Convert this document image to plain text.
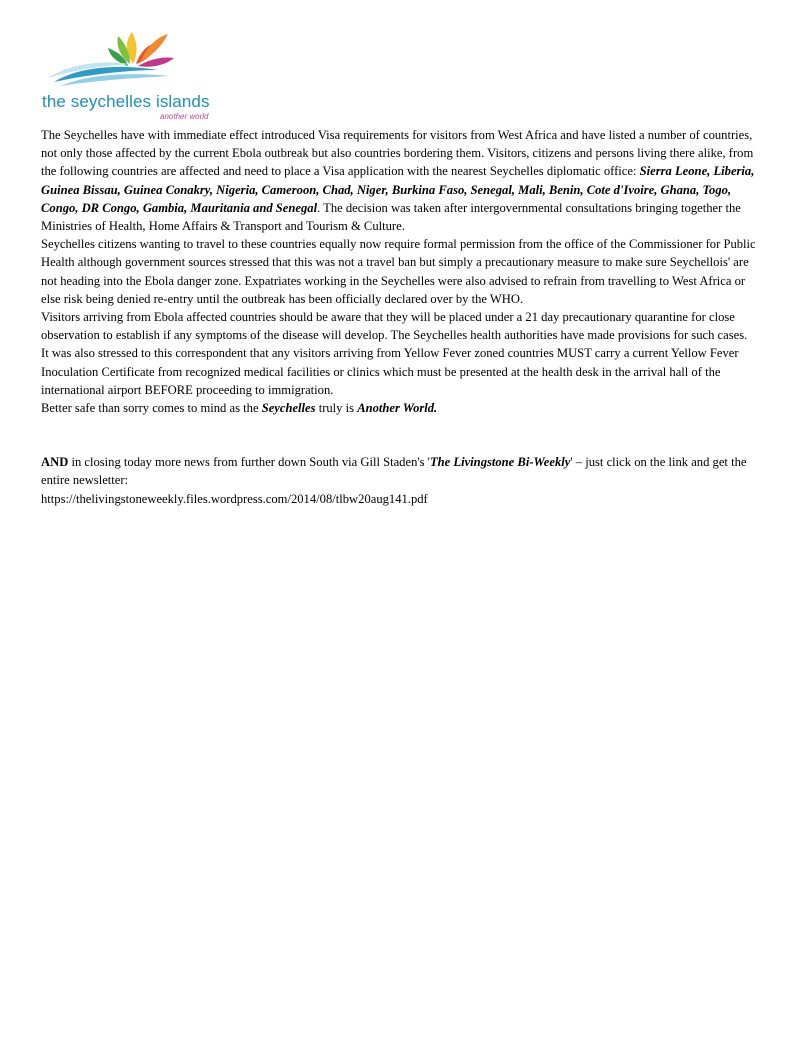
the seychelles islands
another world

The Seychelles have with immediate effect introduced Visa requirements for visitors from West Africa and have listed a number of countries, not only those affected by the current Ebola outbreak but also countries bordering them. Visitors, citizens and persons living there alike, from the following countries are affected and need to place a Visa application with the nearest Seychelles diplomatic office: Sierra Leone, Liberia, Guinea Bissau, Guinea Conakry, Nigeria, Cameroon, Chad, Niger, Burkina Faso, Senegal, Mali, Benin, Cote d'Ivoire, Ghana, Togo, Congo, DR Congo, Gambia, Mauritania and Senegal. The decision was taken after intergovernmental consultations bringing together the Ministries of Health, Home Affairs & Transport and Tourism & Culture.

Seychelles citizens wanting to travel to these countries equally now require formal permission from the office of the Commissioner for Public Health although government sources stressed that this was not a travel ban but simply a precautionary measure to make sure Seychellois' are not heading into the Ebola danger zone. Expatriates working in the Seychelles were also advised to refrain from travelling to West Africa or else risk being denied re-entry until the outbreak has been officially declared over by the WHO.

Visitors arriving from Ebola affected countries should be aware that they will be placed under a 21 day precautionary quarantine for close observation to establish if any symptoms of the disease will develop. The Seychelles health authorities have made provisions for such cases.

It was also stressed to this correspondent that any visitors arriving from Yellow Fever zoned countries MUST carry a current Yellow Fever Inoculation Certificate from recognized medical facilities or clinics which must be presented at the health desk in the arrival hall of the international airport BEFORE proceeding to immigration.

Better safe than sorry comes to mind as the Seychelles truly is Another World.

AND in closing today more news from further down South via Gill Staden's 'The Livingstone Bi-Weekly' – just click on the link and get the entire newsletter:

https://thelivingstoneweekly.files.wordpress.com/2014/08/tlbw20aug141.pdf
